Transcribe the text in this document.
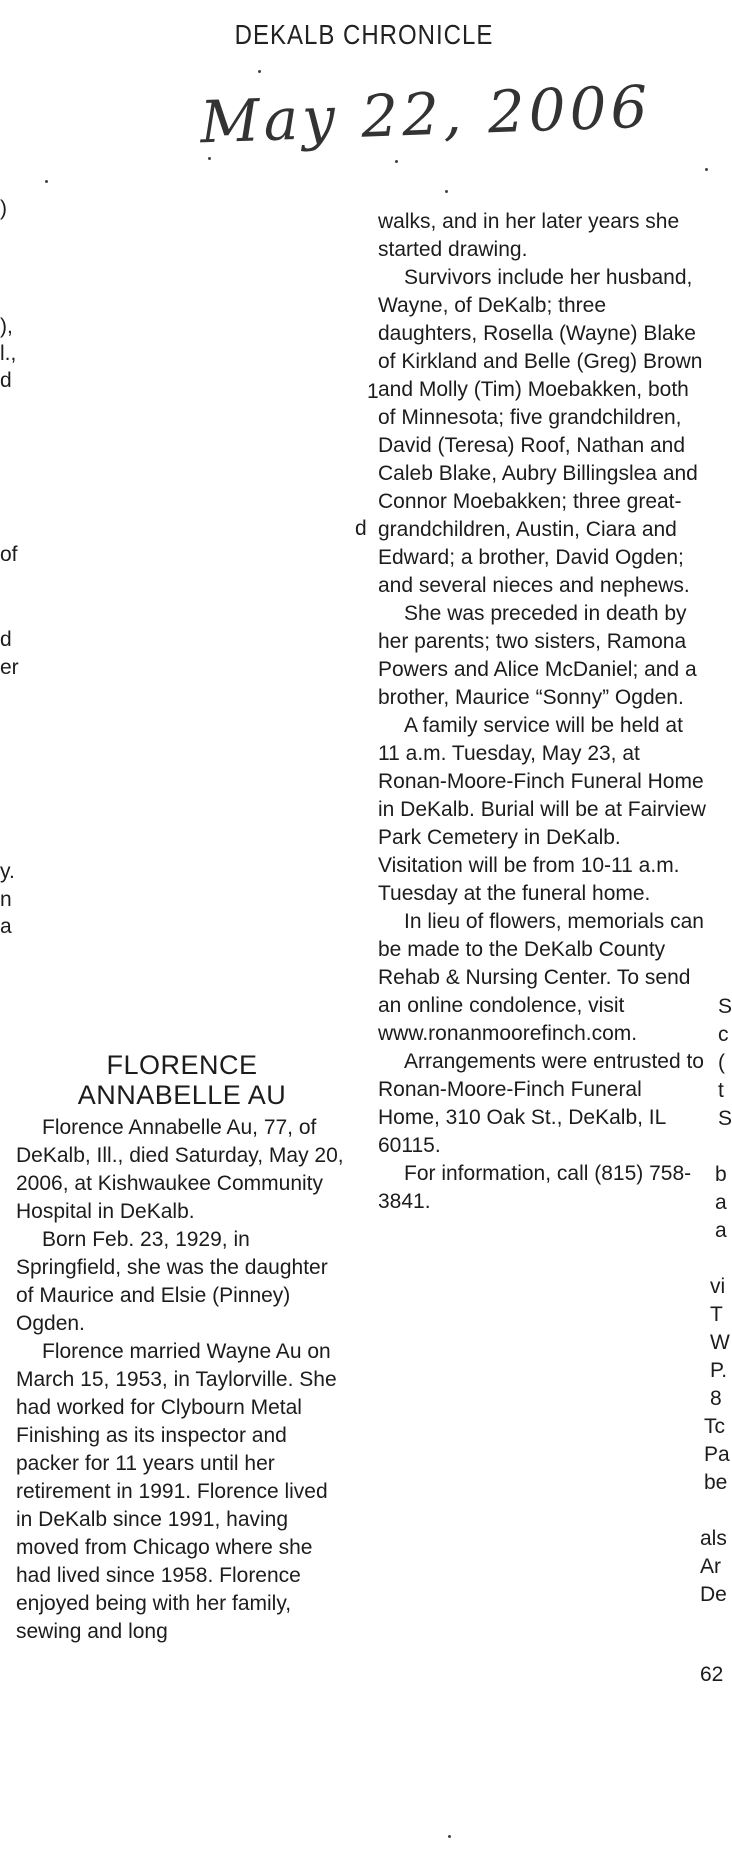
DEKALB CHRONICLE
May 22, 2006
)
),
l.,
d
of
d
er
y.
n
a
1
d
FLORENCE
ANNABELLE AU

Florence Annabelle Au, 77, of DeKalb, Ill., died Saturday, May 20, 2006, at Kishwaukee Community Hospital in DeKalb.

Born Feb. 23, 1929, in Springfield, she was the daughter of Maurice and Elsie (Pinney) Ogden.

Florence married Wayne Au on March 15, 1953, in Taylorville. She had worked for Clybourn Metal Finishing as its inspector and packer for 11 years until her retirement in 1991. Florence lived in DeKalb since 1991, having moved from Chicago where she had lived since 1958. Florence enjoyed being with her family, sewing and long

walks, and in her later years she started drawing.

Survivors include her husband, Wayne, of DeKalb; three daughters, Rosella (Wayne) Blake of Kirkland and Belle (Greg) Brown and Molly (Tim) Moebakken, both of Minnesota; five grandchildren, David (Teresa) Roof, Nathan and Caleb Blake, Aubry Billingslea and Connor Moebakken; three great-grandchildren, Austin, Ciara and Edward; a brother, David Ogden; and several nieces and nephews.

She was preceded in death by her parents; two sisters, Ramona Powers and Alice McDaniel; and a brother, Maurice “Sonny” Ogden.

A family service will be held at 11 a.m. Tuesday, May 23, at Ronan-Moore-Finch Funeral Home in DeKalb. Burial will be at Fairview Park Cemetery in DeKalb. Visitation will be from 10-11 a.m. Tuesday at the funeral home.

In lieu of flowers, memorials can be made to the DeKalb County Rehab & Nursing Center. To send an online condolence, visit www.ronanmoorefinch.com.

Arrangements were entrusted to Ronan-Moore-Finch Funeral Home, 310 Oak St., DeKalb, IL 60115.

For information, call (815) 758-3841.

S
c
(
t
S
b
a
a
vi
T
W
P.
8
Tc
Pa
be
als
Ar
De
62
